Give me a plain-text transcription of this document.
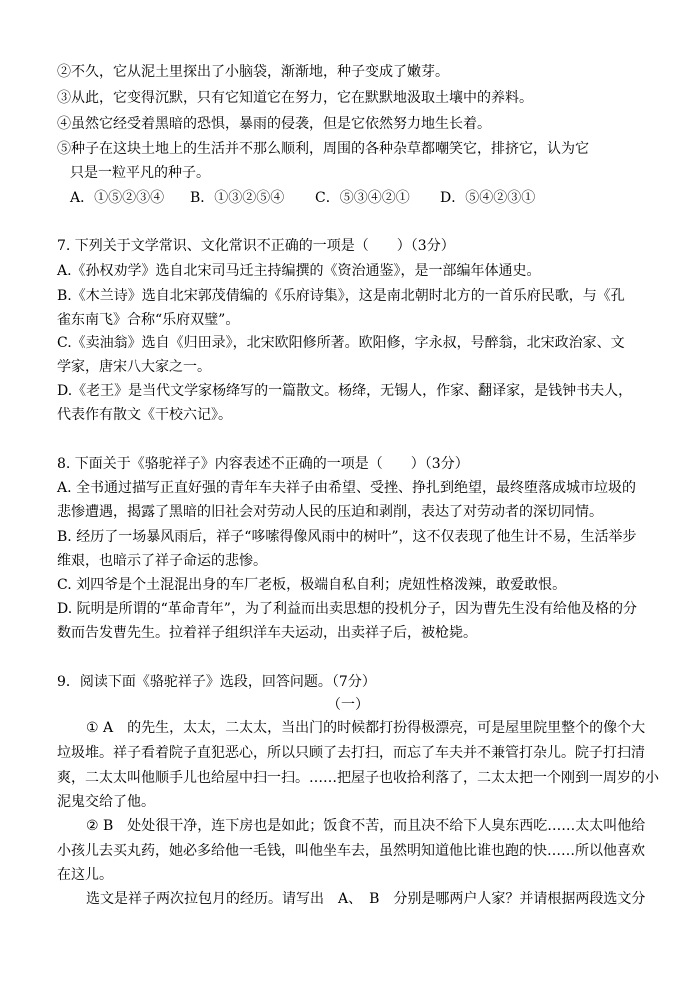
②不久，它从泥土里探出了小脑袋，渐渐地，种子变成了嫩芽。
③从此，它变得沉默，只有它知道它在努力，它在默默地汲取土壤中的养料。
④虽然它经受着黑暗的恐惧，暴雨的侵袭，但是它依然努力地生长着。
⑤种子在这块土地上的生活并不那么顺利，周围的各种杂草都嘲笑它，排挤它，认为它
只是一粒平凡的种子。
A．①⑤②③④	B．①③②⑤④	C．⑤③④②①	D．⑤④②③①
7. 下列关于文学常识、文化常识不正确的一项是（　　）（3分）
A.《孙权劝学》选自北宋司马迁主持编撰的《资治通鉴》，是一部编年体通史。
B.《木兰诗》选自北宋郭茂倩编的《乐府诗集》，这是南北朝时北方的一首乐府民歌，与《孔
雀东南飞》合称“乐府双璧”。
C.《卖油翁》选自《归田录》，北宋欧阳修所著。欧阳修，字永叔，号醉翁，北宋政治家、文
学家，唐宋八大家之一。
D.《老王》是当代文学家杨绛写的一篇散文。杨绛，无锡人，作家、翻译家，是钱钟书夫人，
代表作有散文《干校六记》。
8. 下面关于《骆驼祥子》内容表述不正确的一项是（　　）（3分）
A. 全书通过描写正直好强的青年车夫祥子由希望、受挫、挣扎到绝望，最终堕落成城市垃圾的
悲惨遭遇，揭露了黑暗的旧社会对劳动人民的压迫和剥削，表达了对劳动者的深切同情。
B. 经历了一场暴风雨后，祥子“哆嗦得像风雨中的树叶”，这不仅表现了他生计不易，生活举步
维艰，也暗示了祥子命运的悲惨。
C. 刘四爷是个土混混出身的车厂老板，极端自私自利；虎妞性格泼辣，敢爱敢恨。
D. 阮明是所谓的“革命青年”，为了利益而出卖思想的投机分子，因为曹先生没有给他及格的分
数而告发曹先生。拉着祥子组织洋车夫运动，出卖祥子后，被枪毙。
9．阅读下面《骆驼祥子》选段，回答问题。（7分）
（一）
① A　的先生，太太，二太太，当出门的时候都打扮得极漂亮，可是屋里院里整个的像个大
垃圾堆。祥子看着院子直犯恶心，所以只顾了去打扫，而忘了车夫并不兼管打杂儿。院子打扫清
爽，二太太叫他顺手儿也给屋中扫一扫。……把屋子也收拾利落了，二太太把一个刚到一周岁的小
泥鬼交给了他。
② B　处处很干净，连下房也是如此；饭食不苦，而且决不给下人臭东西吃……太太叫他给
小孩儿去买丸药，她必多给他一毛钱，叫他坐车去，虽然明知道他比谁也跑的快……所以他喜欢
在这儿。
选文是祥子两次拉包月的经历。请写出　A、　B　分别是哪两户人家？并请根据两段选文分
